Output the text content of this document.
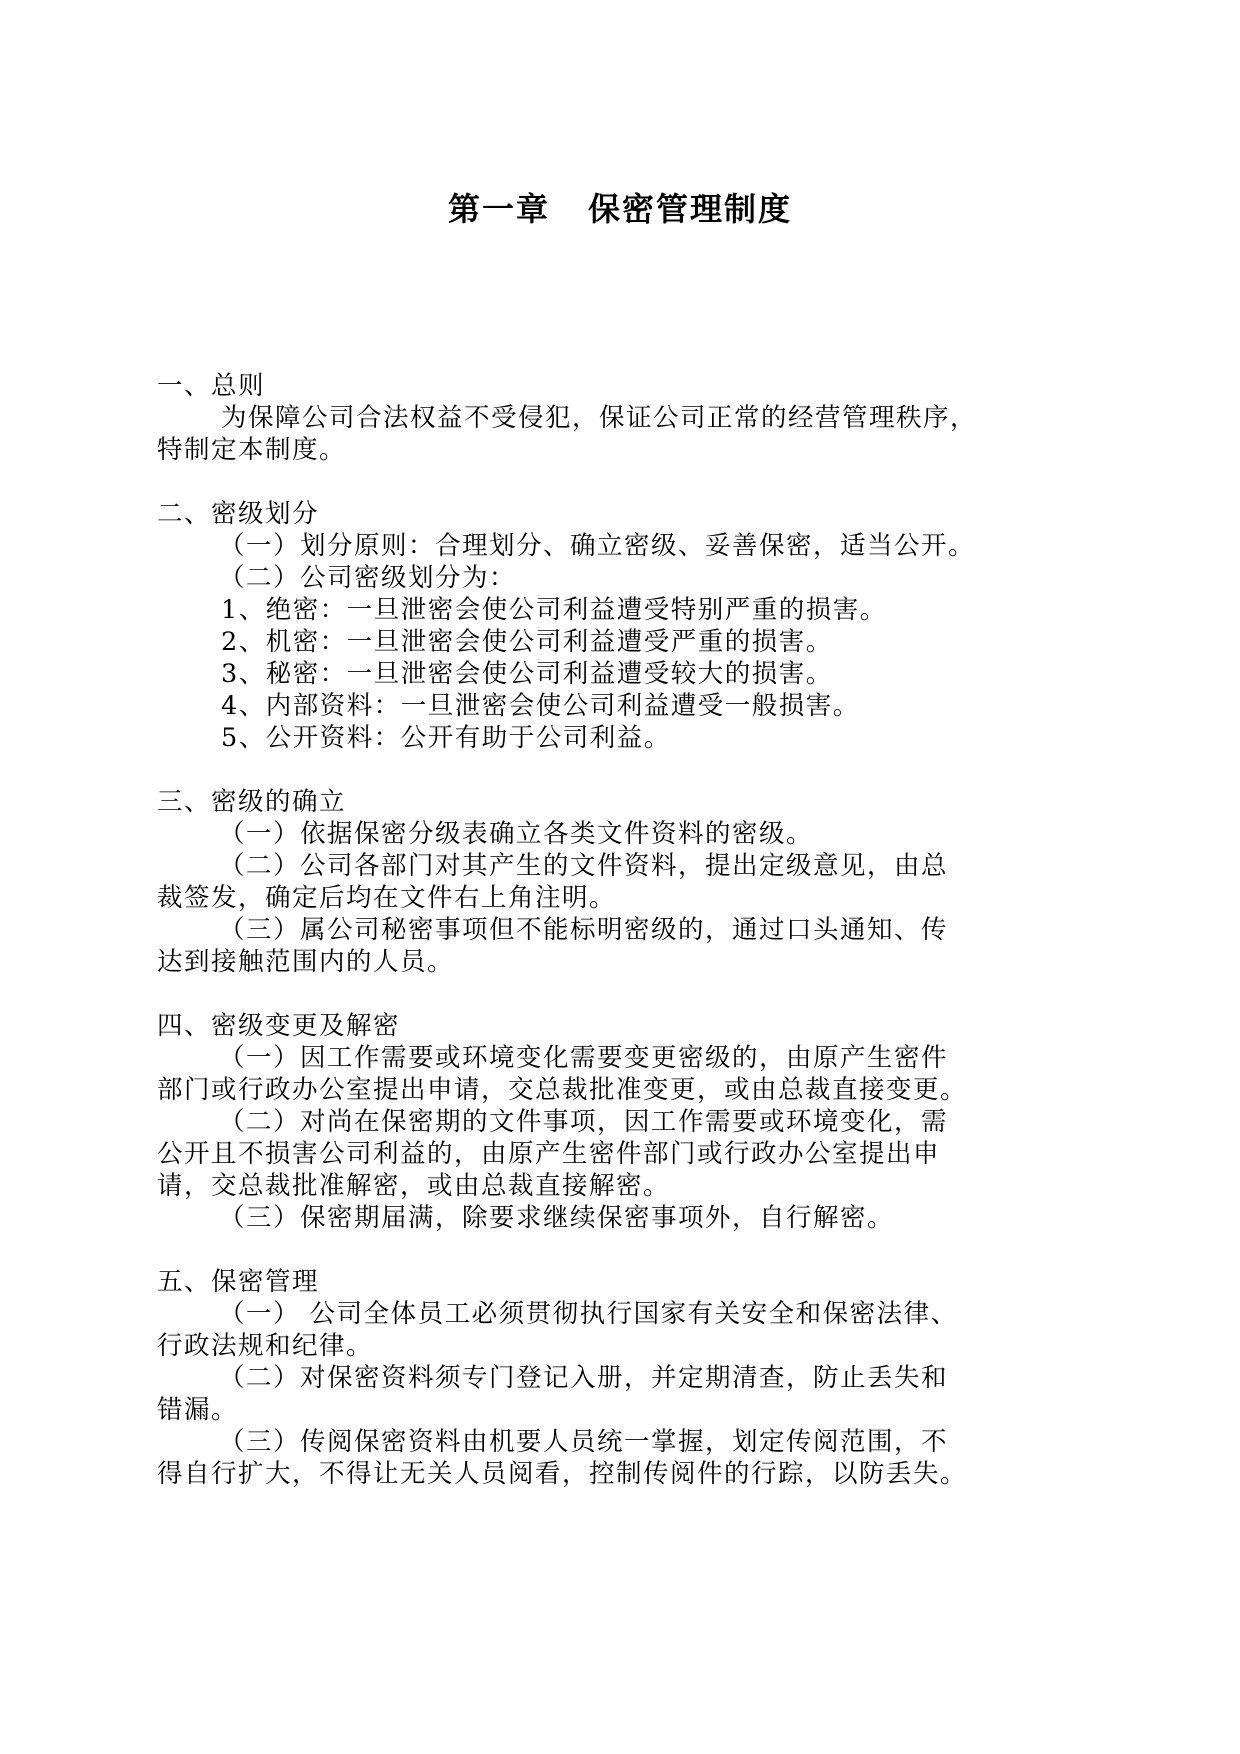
第一章 保密管理制度
一、总则
为保障公司合法权益不受侵犯，保证公司正常的经营管理秩序，
特制定本制度。
二、密级划分
（一）划分原则：合理划分、确立密级、妥善保密，适当公开。
（二）公司密级划分为：
1、绝密：一旦泄密会使公司利益遭受特别严重的损害。
2、机密：一旦泄密会使公司利益遭受严重的损害。
3、秘密：一旦泄密会使公司利益遭受较大的损害。
4、内部资料：一旦泄密会使公司利益遭受一般损害。
5、公开资料：公开有助于公司利益。
三、密级的确立
（一）依据保密分级表确立各类文件资料的密级。
（二）公司各部门对其产生的文件资料，提出定级意见，由总
裁签发，确定后均在文件右上角注明。
（三）属公司秘密事项但不能标明密级的，通过口头通知、传
达到接触范围内的人员。
四、密级变更及解密
（一）因工作需要或环境变化需要变更密级的，由原产生密件
部门或行政办公室提出申请，交总裁批准变更，或由总裁直接变更。
（二）对尚在保密期的文件事项，因工作需要或环境变化，需
公开且不损害公司利益的，由原产生密件部门或行政办公室提出申
请，交总裁批准解密，或由总裁直接解密。
（三）保密期届满，除要求继续保密事项外，自行解密。
五、保密管理
（一） 公司全体员工必须贯彻执行国家有关安全和保密法律、
行政法规和纪律。
（二）对保密资料须专门登记入册，并定期清查，防止丢失和
错漏。
（三）传阅保密资料由机要人员统一掌握，划定传阅范围，不
得自行扩大，不得让无关人员阅看，控制传阅件的行踪，以防丢失。
